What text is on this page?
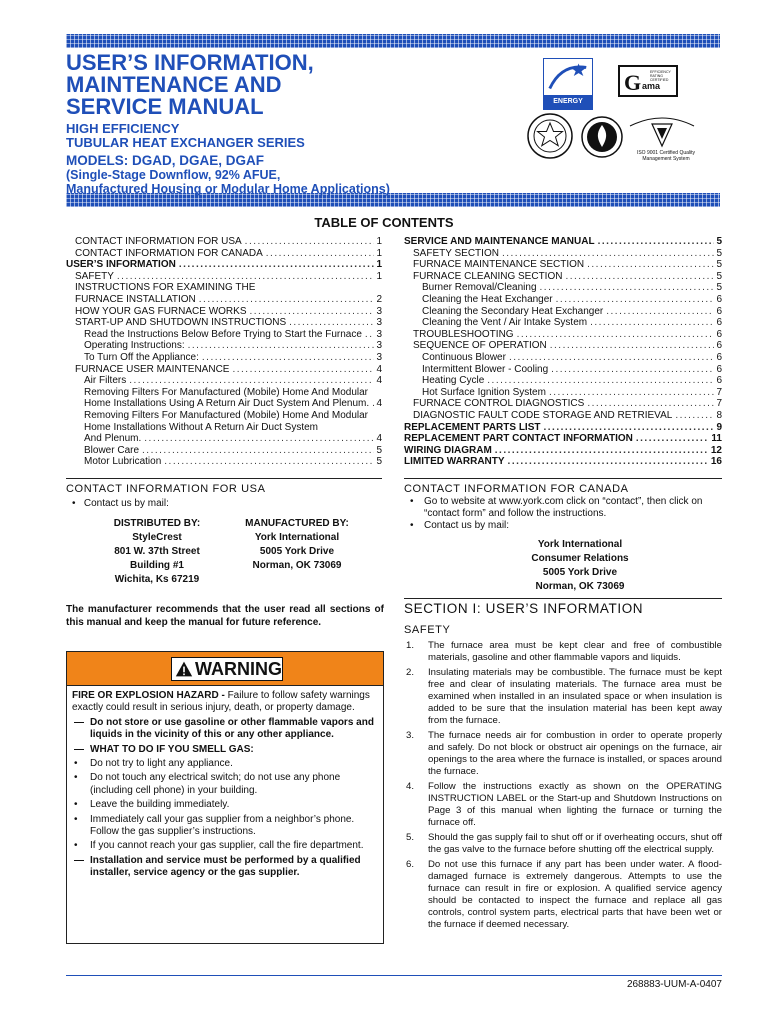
USER’S INFORMATION,
MAINTENANCE AND
SERVICE MANUAL
HIGH EFFICIENCY
TUBULAR HEAT EXCHANGER SERIES
MODELS: DGAD, DGAE, DGAF
(Single-Stage Downflow, 92% AFUE,
Manufactured Housing or Modular Home Applications)
ENERGY STAR
G ama
EFFICIENCY RATING CERTIFIED
ISO 9001 Certified Quality Management System
TABLE OF CONTENTS
CONTACT INFORMATION FOR USA .....	1
CONTACT INFORMATION FOR CANADA .....	1
USER’S INFORMATION .....	1
SAFETY .....	1
INSTRUCTIONS FOR EXAMINING THE
FURNACE INSTALLATION .....	2
HOW YOUR GAS FURNACE WORKS .....	3
START-UP AND SHUTDOWN INSTRUCTIONS .....	3
Read the Instructions Below Before Trying to Start the Furnace .....	3
Operating Instructions: .....	3
To Turn Off the Appliance: .....	3
FURNACE USER MAINTENANCE .....	4
Air Filters .....	4
Removing Filters For Manufactured (Mobile) Home And Modular
Home Installations Using A Return Air Duct System And Plenum. ..... 4
Removing Filters For Manufactured (Mobile) Home And Modular
Home Installations Without A Return Air Duct System
And Plenum. .....	4
Blower Care .....	5
Motor Lubrication .....	5
SERVICE AND MAINTENANCE MANUAL .....	5
SAFETY SECTION .....	5
FURNACE MAINTENANCE SECTION .....	5
FURNACE CLEANING SECTION .....	5
Burner Removal/Cleaning .....	5
Cleaning the Heat Exchanger .....	6
Cleaning the Secondary Heat Exchanger .....	6
Cleaning the Vent / Air Intake System .....	6
TROUBLESHOOTING .....	6
SEQUENCE OF OPERATION .....	6
Continuous Blower .....	6
Intermittent Blower - Cooling .....	6
Heating Cycle .....	6
Hot Surface Ignition System .....	7
FURNACE CONTROL DIAGNOSTICS .....	7
DIAGNOSTIC FAULT CODE STORAGE AND RETRIEVAL .....	8
REPLACEMENT PARTS LIST .....	9
REPLACEMENT PART CONTACT INFORMATION .....	11
WIRING DIAGRAM .....	12
LIMITED WARRANTY .....	16
CONTACT INFORMATION FOR USA
•   Contact us by mail:
DISTRIBUTED BY:
StyleCrest
801 W. 37th Street
Building #1
Wichita, Ks 67219
MANUFACTURED BY:
York International
5005 York Drive
Norman, OK 73069
CONTACT INFORMATION FOR CANADA
• Go to website at www.york.com click on “contact”, then click on “contact form” and follow the instructions.
• Contact us by mail:
York International
Consumer Relations
5005 York Drive
Norman, OK 73069
The manufacturer recommends that the user read all sections of this manual and keep the manual for future reference.
WARNING

FIRE OR EXPLOSION HAZARD - Failure to follow safety warnings exactly could result in serious injury, death, or property damage.

— Do not store or use gasoline or other flammable vapors and liquids in the vicinity of this or any other appliance.
— WHAT TO DO IF YOU SMELL GAS:
• Do not try to light any appliance.
• Do not touch any electrical switch; do not use any phone (including cell phone) in your building.
• Leave the building immediately.
• Immediately call your gas supplier from a neighbor’s phone. Follow the gas supplier’s instructions.
• If you cannot reach your gas supplier, call the fire department.
— Installation and service must be performed by a qualified installer, service agency or the gas supplier.
SECTION I: USER’S INFORMATION
SAFETY
1. The furnace area must be kept clear and free of combustible materials, gasoline and other flammable vapors and liquids.
2. Insulating materials may be combustible. The furnace must be kept free and clear of insulating materials. The furnace area must be examined when installed in an insulated space or when insulation is added to be sure that the insulation material has been kept away from the furnace.
3. The furnace needs air for combustion in order to operate properly and safely. Do not block or obstruct air openings on the furnace, air openings to the area where the furnace is installed, or spaces around the furnace.
4. Follow the instructions exactly as shown on the OPERATING INSTRUCTION LABEL or the Start-up and Shutdown Instructions on Page 3 of this manual when lighting the furnace or turning the furnace off.
5. Should the gas supply fail to shut off or if overheating occurs, shut off the gas valve to the furnace before shutting off the electrical supply.
6. Do not use this furnace if any part has been under water. A flood-damaged furnace is extremely dangerous. Attempts to use the furnace can result in fire or explosion. A qualified service agency should be contacted to inspect the furnace and replace all gas controls, control system parts, electrical parts that have been wet or the furnace if deemed necessary.
268883-UUM-A-0407
